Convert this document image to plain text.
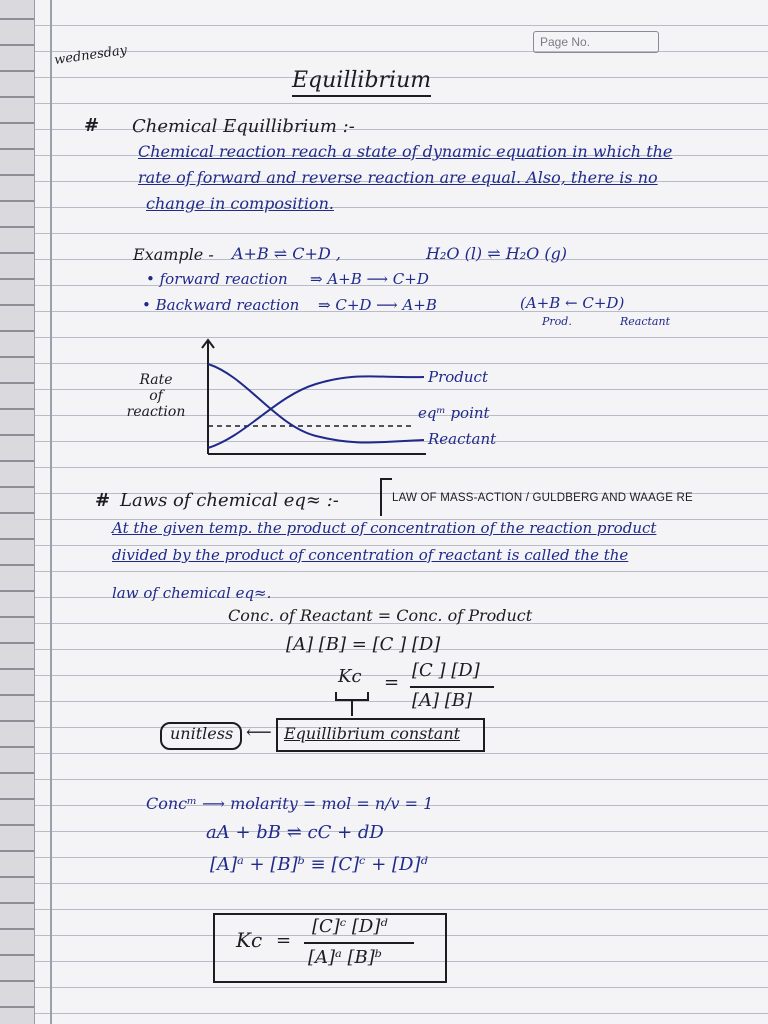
wednesday
Page No.
Equillibrium
# Chemical Equillibrium :-
Chemical reaction reach a state of dynamic equation in which the
rate of forward and reverse reaction are equal. Also, there is no
change in composition.
Example - A+B ⇌ C+D ,	H₂O (l) ⇌ H₂O (g)
• forward reaction ⇒ A+B ⟶ C+D
• Backward reaction ⇒ C+D ⟶ A+B	(A+B ← C+D)
Prod.	Reactant
Rate
of
reaction
Product
eqᵐ point
Reactant
# Laws of chemical eq≈ :-	LAW OF MASS-ACTION / GULDBERG AND WAAGE RE
At the given temp. the product of concentration of the reaction product
divided by the product of concentration of reactant is called the the
law of chemical eq≈.
Conc. of Reactant = Conc. of Product
[A] [B] = [C ] [D]
Kc =
[C ] [D]
[A] [B]
unitless ⟵ Equillibrium constant
Concᵐ ⟶ molarity = mol = n/v = 1
aA + bB ⇌ cC + dD
[A]ᵃ + [B]ᵇ ≡ [C]ᶜ + [D]ᵈ
Kc =
[C]ᶜ [D]ᵈ
[A]ᵃ [B]ᵇ
